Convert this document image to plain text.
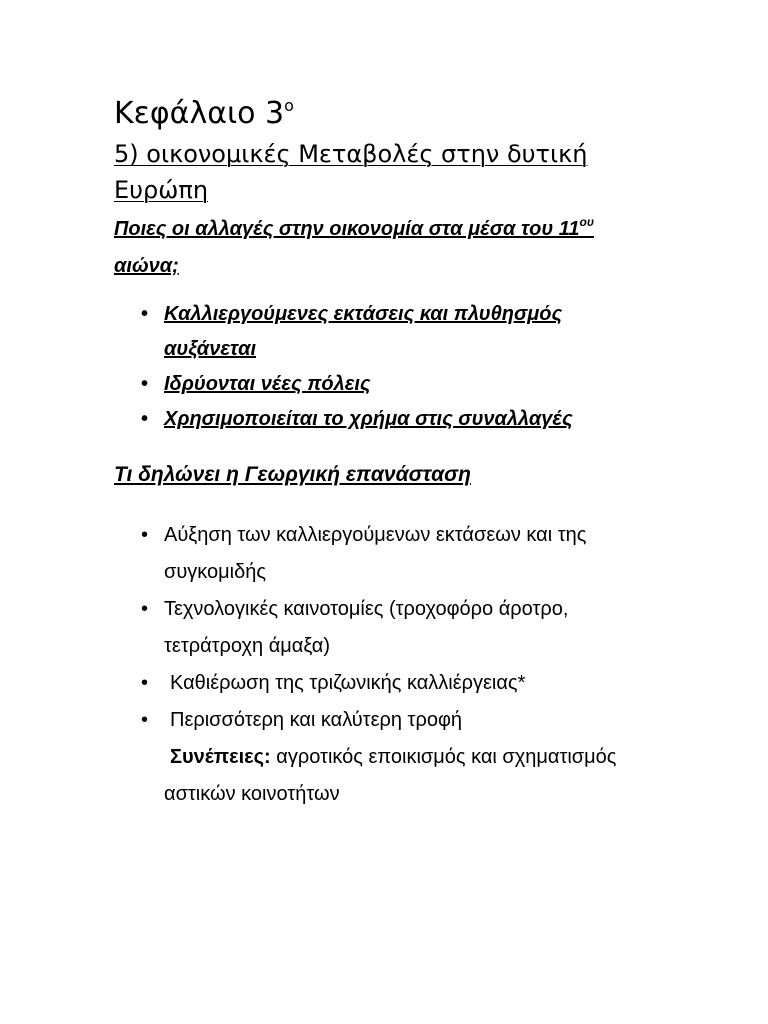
Κεφάλαιο $3^o$
5) οικονομικές Μεταβολές στην δυτική Ευρώπη

Ποιες οι αλλαγές στην οικονομία στα μέσα του $11^{o\upsilon}$
αιώνα;

• Καλλιεργούμενες εκτάσεις και πλυθησμός αυξάνεται
• Ιδρύονται νέες πόλεις
• Χρησιμοποιείται το χρήμα στις συναλλαγές

Τι δηλώνει η Γεωργική επανάσταση

• Αύξηση των καλλιεργούμενων εκτάσεων και της συγκομιδής
• Τεχνολογικές καινοτομίες (τροχοφόρο άροτρο, τετράτροχη άμαξα)
• Καθιέρωση της τριζωνικής καλλιέργειας*
• Περισσότερη και καλύτερη τροφή
Συνέπειες: αγροτικός εποικισμός και σχηματισμός αστικών κοινοτήτων
